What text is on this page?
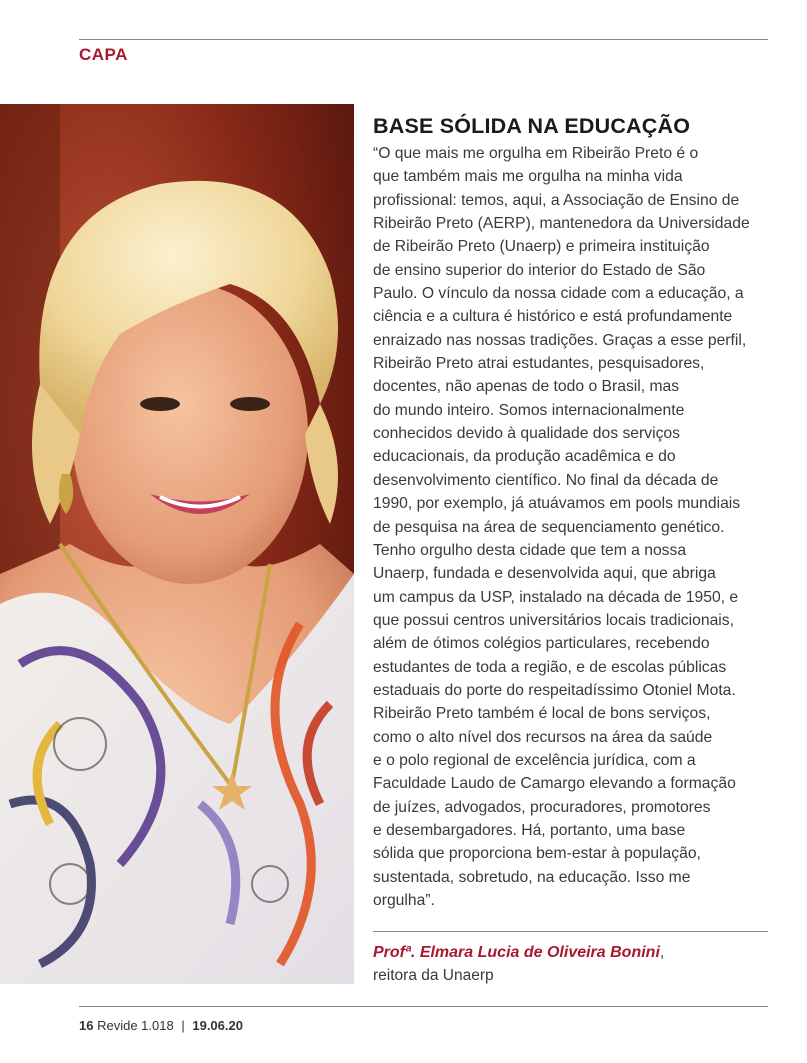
CAPA
BASE SÓLIDA NA EDUCAÇÃO
“O que mais me orgulha em Ribeirão Preto é o
que também mais me orgulha na minha vida
profissional: temos, aqui, a Associação de Ensino de
Ribeirão Preto (AERP), mantenedora da Universidade
de Ribeirão Preto (Unaerp) e primeira instituição
de ensino superior do interior do Estado de São
Paulo. O vínculo da nossa cidade com a educação, a
ciência e a cultura é histórico e está profundamente
enraizado nas nossas tradições. Graças a esse perfil,
Ribeirão Preto atrai estudantes, pesquisadores,
docentes, não apenas de todo o Brasil, mas
do mundo inteiro. Somos internacionalmente
conhecidos devido à qualidade dos serviços
educacionais, da produção acadêmica e do
desenvolvimento científico. No final da década de
1990, por exemplo, já atuávamos em pools mundiais
de pesquisa na área de sequenciamento genético.
Tenho orgulho desta cidade que tem a nossa
Unaerp, fundada e desenvolvida aqui, que abriga
um campus da USP, instalado na década de 1950, e
que possui centros universitários locais tradicionais,
além de ótimos colégios particulares, recebendo
estudantes de toda a região, e de escolas públicas
estaduais do porte do respeitadíssimo Otoniel Mota.
Ribeirão Preto também é local de bons serviços,
como o alto nível dos recursos na área da saúde
e o polo regional de excelência jurídica, com a
Faculdade Laudo de Camargo elevando a formação
de juízes, advogados, procuradores, promotores
e desembargadores. Há, portanto, uma base
sólida que proporciona bem-estar à população,
sustentada, sobretudo, na educação. Isso me
orgulha”.
Profª. Elmara Lucia de Oliveira Bonini,
reitora da Unaerp
16 Revide 1.018 | 19.06.20
